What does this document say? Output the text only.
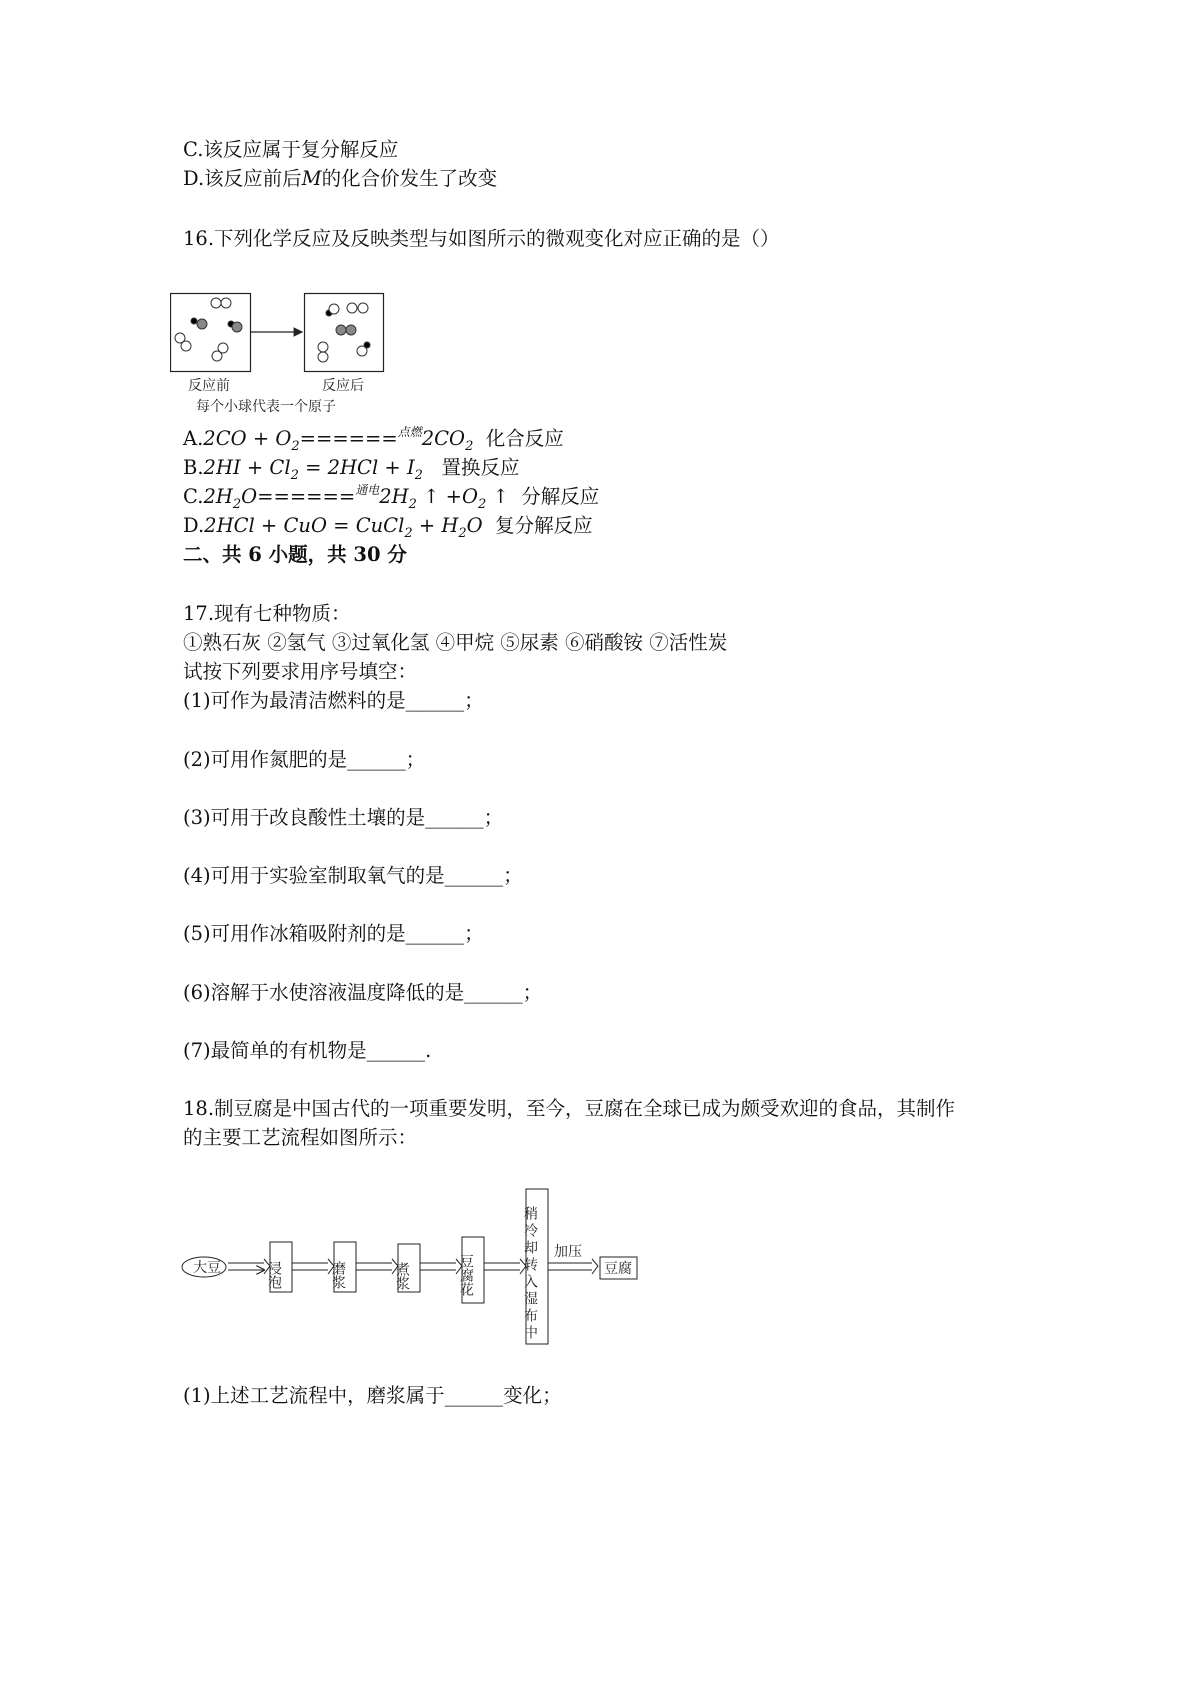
C.该反应属于复分解反应
D.该反应前后M的化合价发生了改变
16.下列化学反应及反映类型与如图所示的微观变化对应正确的是（）
反应前	反应后
每个小球代表一个原子
$A.2CO + O_2======^{点燃}2CO_2$ 化合反应
$B.2HI + Cl_2 = 2HCl + I_2$ 置换反应
$C.2H_2O======^{通电}2H_2$ ↑ $+O_2$ ↑ 分解反应
D.2HCl + CuO = CuCl$_2$ + $H_2O$ 复分解反应
二、共 6 小题，共 30 分
17.现有七种物质：
①熟石灰 ②氢气 ③过氧化氢 ④甲烷 ⑤尿素 ⑥硝酸铵 ⑦活性炭
试按下列要求用序号填空：
(1)可作为最清洁燃料的是______；
(2)可用作氮肥的是______；
(3)可用于改良酸性土壤的是______；
(4)可用于实验室制取氧气的是______；
(5)可用作冰箱吸附剂的是______；
(6)溶解于水使溶液温度降低的是______；
(7)最简单的有机物是______.
18.制豆腐是中国古代的一项重要发明，至今，豆腐在全球已成为颇受欢迎的食品，其制作
的主要工艺流程如图所示：
大豆	浸泡	磨浆	煮浆	豆腐花	稍冷却转入湿布中 加压
豆腐
(1)上述工艺流程中，磨浆属于______变化；
